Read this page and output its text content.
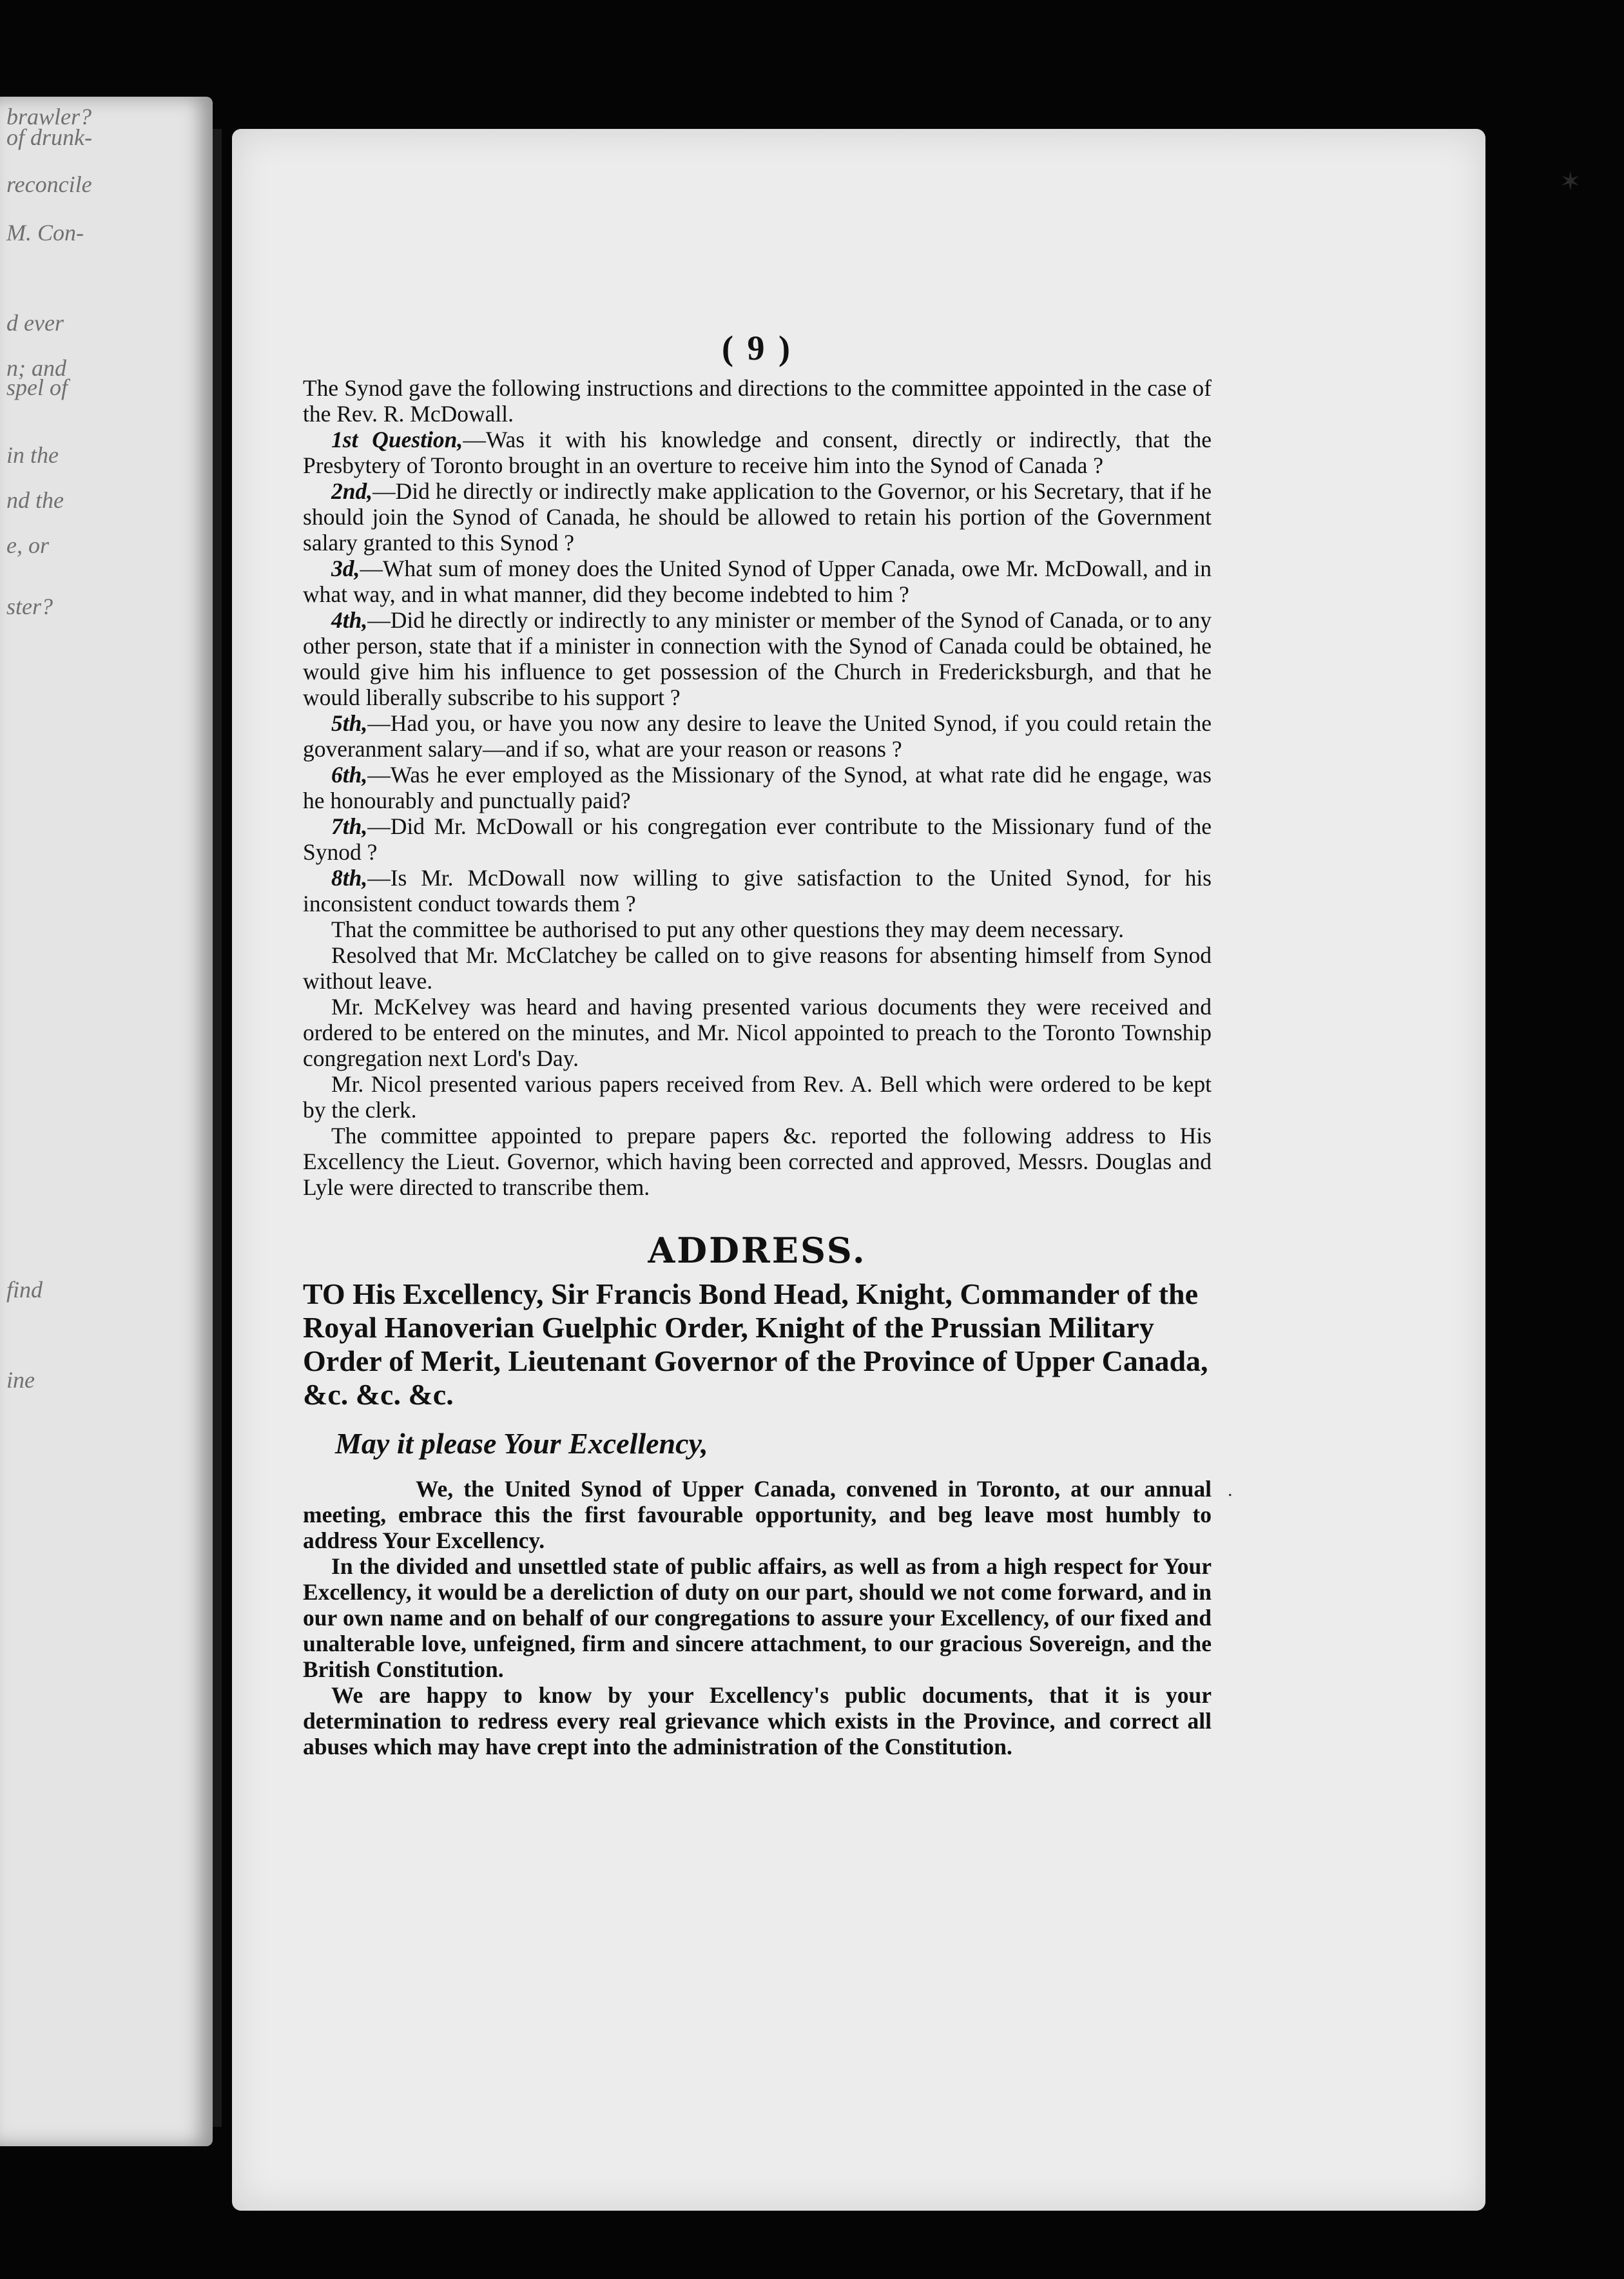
brawler?
of drunk-
reconcile
M. Con-
d ever
n; and
spel of
in the
nd the
e, or
ster?
find
ine
✶
.
( 9 )

The Synod gave the following instructions and directions to the committee appointed in the case of the Rev. R. McDowall.

1st Question,—Was it with his knowledge and consent, directly or indirectly, that the Presbytery of Toronto brought in an overture to receive him into the Synod of Canada ?

2nd,—Did he directly or indirectly make application to the Governor, or his Secretary, that if he should join the Synod of Canada, he should be allowed to retain his portion of the Government salary granted to this Synod ?

3d,—What sum of money does the United Synod of Upper Canada, owe Mr. McDowall, and in what way, and in what manner, did they become indebted to him ?

4th,—Did he directly or indirectly to any minister or member of the Synod of Canada, or to any other person, state that if a minister in connection with the Synod of Canada could be obtained, he would give him his influence to get possession of the Church in Fredericksburgh, and that he would liberally subscribe to his support ?

5th,—Had you, or have you now any desire to leave the United Synod, if you could retain the goveranment salary—and if so, what are your reason or reasons ?

6th,—Was he ever employed as the Missionary of the Synod, at what rate did he engage, was he honourably and punctually paid?

7th,—Did Mr. McDowall or his congregation ever contribute to the Missionary fund of the Synod ?

8th,—Is Mr. McDowall now willing to give satisfaction to the United Synod, for his inconsistent conduct towards them ?

That the committee be authorised to put any other questions they may deem necessary.

Resolved that Mr. McClatchey be called on to give reasons for absenting himself from Synod without leave.

Mr. McKelvey was heard and having presented various documents they were received and ordered to be entered on the minutes, and Mr. Nicol appointed to preach to the Toronto Township congregation next Lord's Day.

Mr. Nicol presented various papers received from Rev. A. Bell which were ordered to be kept by the clerk.

The committee appointed to prepare papers &c. reported the following address to His Excellency the Lieut. Governor, which having been corrected and approved, Messrs. Douglas and Lyle were directed to transcribe them.

ADDRESS.

TO His Excellency, Sir Francis Bond Head, Knight, Commander of the Royal Hanoverian Guelphic Order, Knight of the Prussian Military Order of Merit, Lieutenant Governor of the Province of Upper Canada, &c. &c. &c.

May it please Your Excellency,

We, the United Synod of Upper Canada, convened in Toronto, at our annual meeting, embrace this the first favourable opportunity, and beg leave most humbly to address Your Excellency.

In the divided and unsettled state of public affairs, as well as from a high respect for Your Excellency, it would be a dereliction of duty on our part, should we not come forward, and in our own name and on behalf of our congregations to assure your Excellency, of our fixed and unalterable love, unfeigned, firm and sincere attachment, to our gracious Sovereign, and the British Constitution.

We are happy to know by your Excellency's public documents, that it is your determination to redress every real grievance which exists in the Province, and correct all abuses which may have crept into the administration of the Constitution.
